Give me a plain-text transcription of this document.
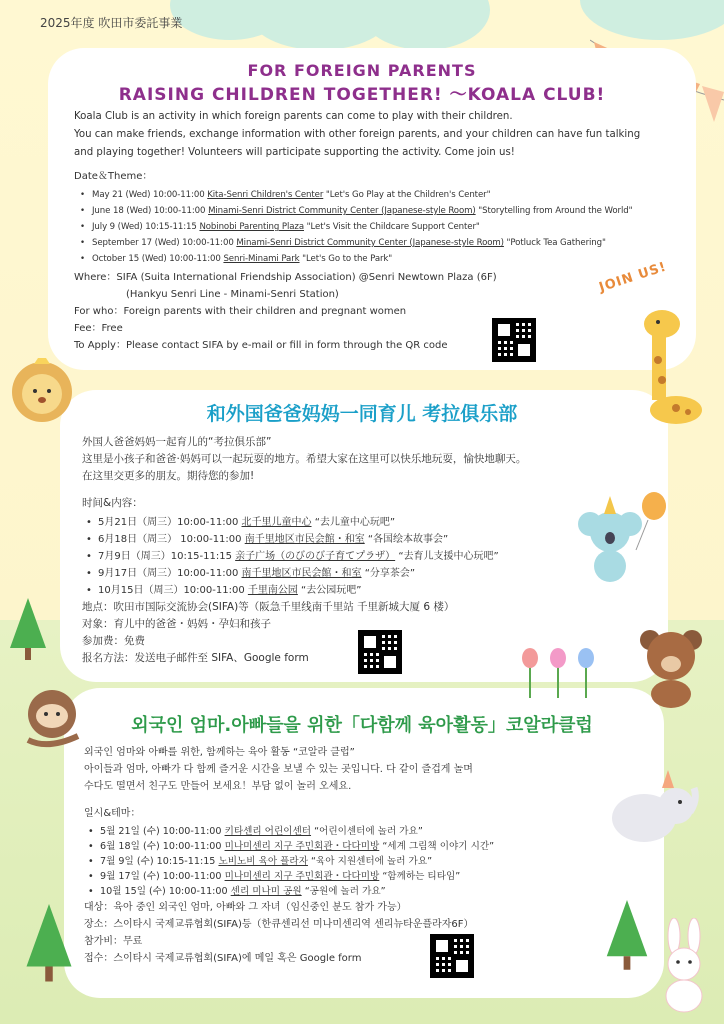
2025年度 吹田市委託事業
FOR FOREIGN PARENTS
RAISING CHILDREN TOGETHER! ～KOALA CLUB!
Koala Club is an activity in which foreign parents can come to play with their children.
You can make friends, exchange information with other foreign parents, and your children can have fun talking
and playing together! Volunteers will participate supporting the activity. Come join us!
Date＆Theme：
• May 21 (Wed) 10:00-11:00 Kita-Senri Children's Center "Let's Go Play at the Children's Center"
• June 18 (Wed) 10:00-11:00 Minami-Senri District Community Center (Japanese-style Room) "Storytelling from Around the World"
• July 9 (Wed) 10:15-11:15 Nobinobi Parenting Plaza "Let's Visit the Childcare Support Center"
• September 17 (Wed) 10:00-11:00 Minami-Senri District Community Center (Japanese-style Room) "Potluck Tea Gathering"
• October 15 (Wed) 10:00-11:00 Senri-Minami Park "Let's Go to the Park"
Where：SIFA (Suita International Friendship Association) @Senri Newtown Plaza (6F)
(Hankyu Senri Line - Minami-Senri Station)
For who：Foreign parents with their children and pregnant women
Fee：Free
To Apply：Please contact SIFA by e-mail or fill in form through the QR code
JOIN US!
和外国爸爸妈妈一同育儿 考拉俱乐部
外国人爸爸妈妈一起育儿的“考拉俱乐部”
这里是小孩子和爸爸·妈妈可以一起玩耍的地方。希望大家在这里可以快乐地玩耍，愉快地聊天。
在这里交更多的朋友。期待您的参加!
时间&内容：
• 5月21日（周三）10:00-11:00 北千里儿童中心 “去儿童中心玩吧”
• 6月18日（周三） 10:00-11:00 南千里地区市民会館・和室 “各国绘本故事会”
• 7月9日（周三）10:15-11:15 亲子广场（のびのび子育てプラザ） “去育儿支援中心玩吧”
• 9月17日（周三）10:00-11:00 南千里地区市民会館・和室 “分享茶会”
• 10月15日（周三）10:00-11:00 千里南公园 “去公园玩吧”
地点：吹田市国际交流协会(SIFA)等（阪急千里线南千里站 千里新城大厦 6 楼）
对象：育儿中的爸爸・妈妈・孕妇和孩子
参加费：免费
报名方法：发送电子邮件至 SIFA、Google form
외국인 엄마.아빠들을 위한「다함께 육아활동」코알라클럽
외국인 엄마와 아빠를 위한, 함께하는 육아 활동 “코알라 클럽”
아이들과 엄마, 아빠가 다 함께 즐거운 시간을 보낼 수 있는 곳입니다. 다 같이 즐겁게 놀며
수다도 떨면서 친구도 만들어 보세요！부담 없이 놀러 오세요.
일시&테마：
• 5월 21일 (수) 10:00-11:00 키타센리 어린이센터 “어린이센터에 놀러 가요”
• 6월 18일 (수) 10:00-11:00 미나미센리 지구 주민회관・다다미방 “세계 그림책 이야기 시간”
• 7월 9일 (수) 10:15-11:15 노비노비 육아 플라자 “육아 지원센터에 놀러 가요”
• 9월 17일 (수) 10:00-11:00 미나미센리 지구 주민회관・다다미방 “함께하는 티타임”
• 10월 15일 (수) 10:00-11:00 센리 미나미 공원 “공원에 놀러 가요”
대상：육아 중인 외국인 엄마, 아빠와 그 자녀（임신중인 분도 참가 가능）
장소：스이타시 국제교류협회(SIFA)등（한큐센리선 미나미센리역 센리뉴타운플라자6F）
참가비：무료
접수：스이타시 국제교류협회(SIFA)에 메일 혹은 Google form
